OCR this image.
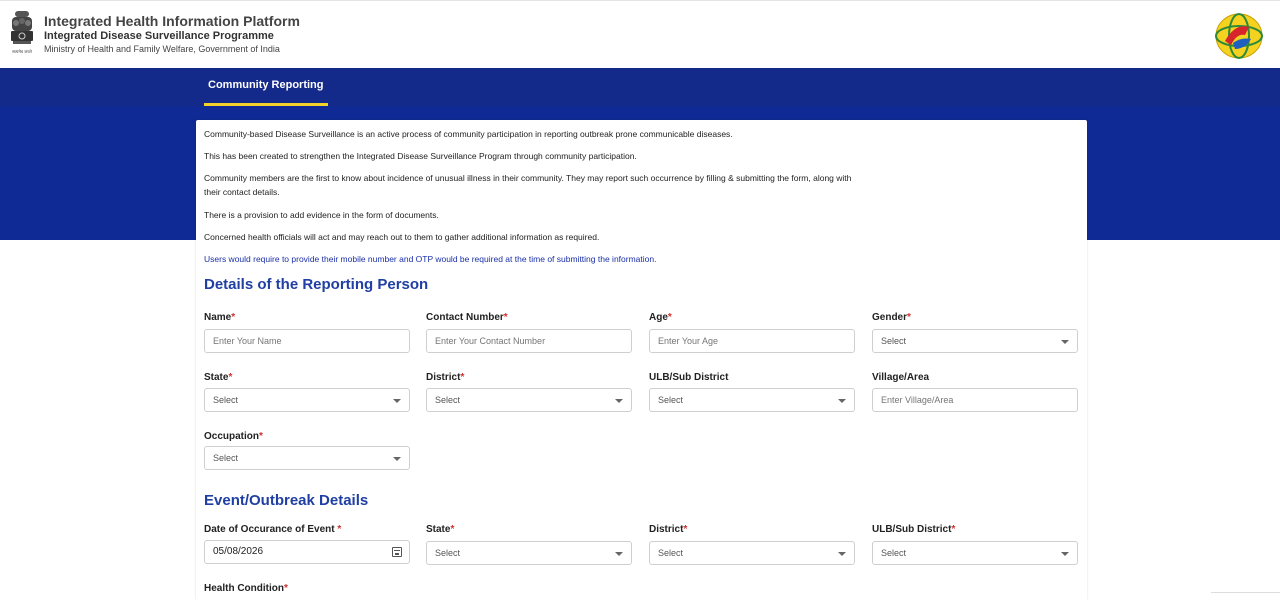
सत्यमेव जयते
Integrated Health Information Platform
Integrated Disease Surveillance Programme
Ministry of Health and Family Welfare, Government of India
Community Reporting

Community-based Disease Surveillance is an active process of community participation in reporting outbreak prone communicable diseases.

This has been created to strengthen the Integrated Disease Surveillance Program through community participation.

Community members are the first to know about incidence of unusual illness in their community. They may report such occurrence by filling & submitting the form, along with their contact details.

There is a provision to add evidence in the form of documents.

Concerned health officials will act and may reach out to them to gather additional information as required.

Users would require to provide their mobile number and OTP would be required at the time of submitting the information.

Details of the Reporting Person
Name*
Enter Your Name	Contact Number*
Enter Your Contact Number	Age*
Enter Your Age	Gender*
Select
State*
Select
District*
Select
ULB/Sub District
Select
Village/Area
Enter Village/Area
Occupation*
Select
Event/Outbreak Details
Date of Occurance of Event *
05/08/2026
State*
Select
District*
Select
ULB/Sub District*
Select
Health Condition*
